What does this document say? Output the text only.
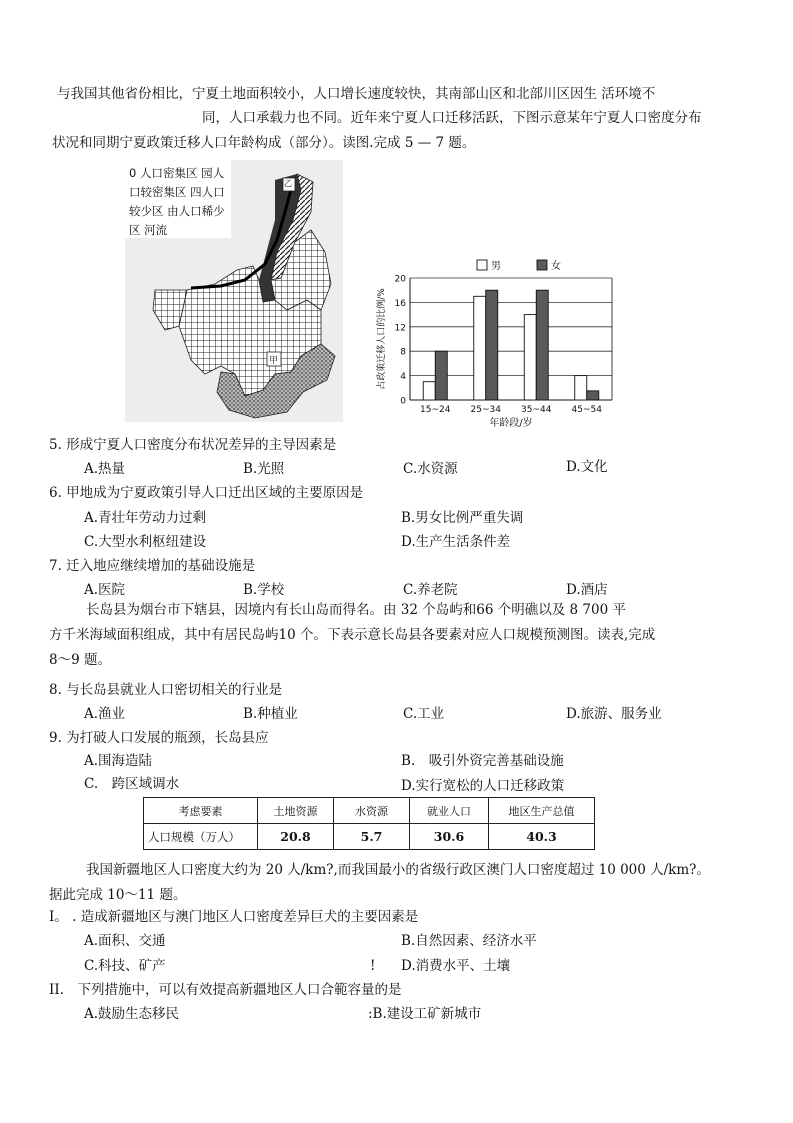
与我国其他省份相比，宁夏土地面积较小，人口增长速度较快，其南部山区和北部川区因生 活环境不
同，人口承载力也不同。近年来宁夏人口迁移活跃，下图示意某年宁夏人口密度分布
状况和同期宁夏政策迁移人口年龄构成（部分）。读图.完成 5 — 7 题。
0 人口密集区 园人
口较密集区 四人口
较少区 由人口稀少
区 河流
乙
甲
0
4
8
12
16
20
15~24 25~34 35~44 45~54
年龄段/岁
占政策迁移人口的比例/%
男	女
5. 形成宁夏人口密度分布状况差异的主导因素是
A.热量	B.光照	C.水资源	D.文化
6. 甲地成为宁夏政策引导人口迁出区域的主要原因是
A.青壮年劳动力过剩	B.男女比例严重失调
C.大型水利枢纽建设	D.生产生活条件差
7. 迁入地应继续增加的基础设施是
A.医院	B.学校	C.养老院	D.酒店
长岛县为烟台市下辖县，因境内有长山岛而得名。由 32 个岛屿和66 个明礁以及 8 700 平
方千米海域面积组成，其中有居民岛屿10 个。下表示意长岛县各要素对应人口规模预测图。读表,完成
8～9 题。
8. 与长岛县就业人口密切相关的行业是
A.渔业	B.种植业	C.工业	D.旅游、服务业
9. 为打破人口发展的瓶颈，长岛县应
A.围海造陆	B.　吸引外资完善基础设施
C.　跨区域调水	D.实行宽松的人口迁移政策
考虑要素	土地资源	水资源	就业人口	地区生产总值
人口规模（万人）	20.8	5.7	30.6	40.3
我国新疆地区人口密度大约为 20 人/km?,而我国最小的省级行政区澳门人口密度超过 10 000 人/km?。
据此完成 10～11 题。
I。 . 造成新疆地区与澳门地区人口密度差异巨犬的主要因素是
A.面积、交通	B.自然因素、经济水平
C.科技、矿产	! D.消费水平、土壤
II.　下列措施中，可以有效提高新疆地区人口合範容量的是
A.鼓励生态移民	:B.建设工矿新城市
